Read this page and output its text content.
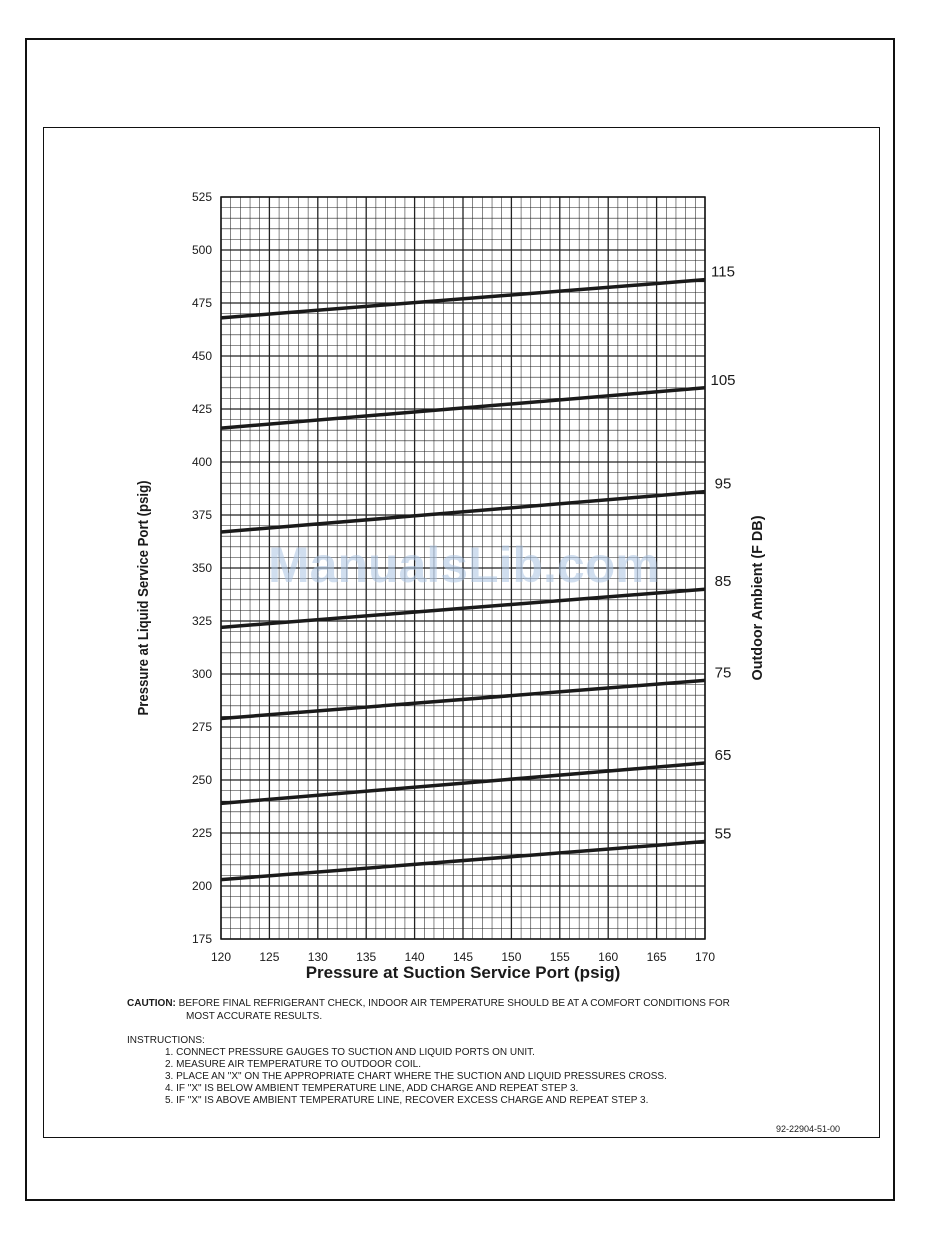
120 125 130 135 140 145 150 155 160 165 170
175
200
225
250
275
300
325
350
375
400
425
450
475
500
525
Pressure at Suction Service Port (psig)
Pressure at Liquid Service Port (psig)	Outdoor Ambient (F DB)
115
105
95
85
75
65
55
ManualsLib.com
CAUTION: BEFORE FINAL REFRIGERANT CHECK, INDOOR AIR TEMPERATURE SHOULD BE AT A COMFORT CONDITIONS FOR
MOST ACCURATE RESULTS.
INSTRUCTIONS:
1. CONNECT PRESSURE GAUGES TO SUCTION AND LIQUID PORTS ON UNIT.
2. MEASURE AIR TEMPERATURE TO OUTDOOR COIL.
3. PLACE AN "X" ON THE APPROPRIATE CHART WHERE THE SUCTION AND LIQUID PRESSURES CROSS.
4. IF "X" IS BELOW AMBIENT TEMPERATURE LINE, ADD CHARGE AND REPEAT STEP 3.
5. IF "X" IS ABOVE AMBIENT TEMPERATURE LINE, RECOVER EXCESS CHARGE AND REPEAT STEP 3.
92-22904-51-00
